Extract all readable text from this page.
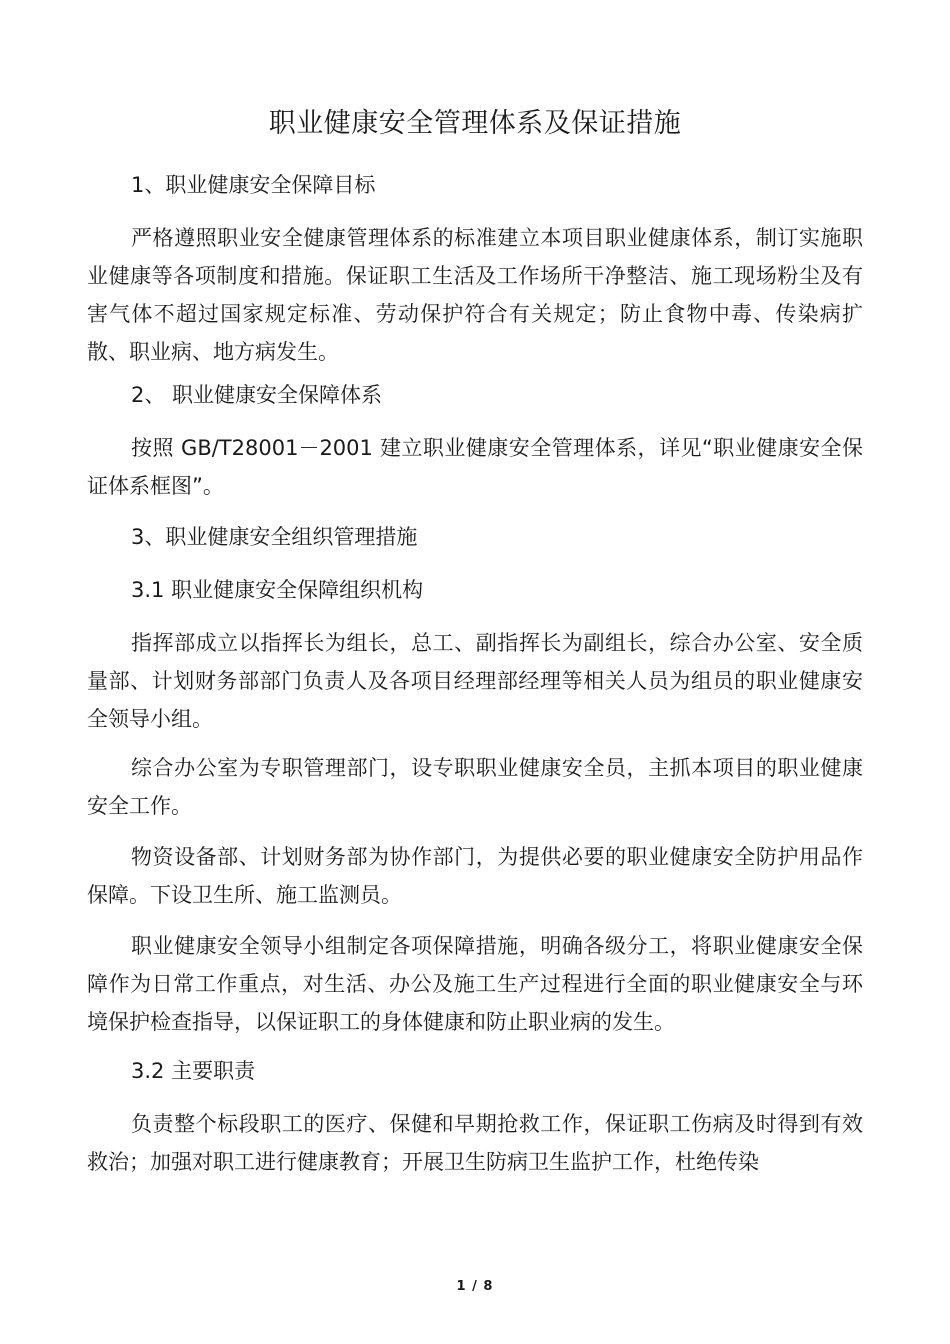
职业健康安全管理体系及保证措施

1、职业健康安全保障目标

严格遵照职业安全健康管理体系的标准建立本项目职业健康体系，制订实施职业健康等各项制度和措施。保证职工生活及工作场所干净整洁、施工现场粉尘及有害气体不超过国家规定标准、劳动保护符合有关规定；防止食物中毒、传染病扩散、职业病、地方病发生。

2、 职业健康安全保障体系

按照 GB/T28001－2001 建立职业健康安全管理体系，详见“职业健康安全保证体系框图”。

3、职业健康安全组织管理措施

3.1 职业健康安全保障组织机构

指挥部成立以指挥长为组长，总工、副指挥长为副组长，综合办公室、安全质量部、计划财务部部门负责人及各项目经理部经理等相关人员为组员的职业健康安全领导小组。

综合办公室为专职管理部门，设专职职业健康安全员，主抓本项目的职业健康安全工作。

物资设备部、计划财务部为协作部门，为提供必要的职业健康安全防护用品作保障。下设卫生所、施工监测员。

职业健康安全领导小组制定各项保障措施，明确各级分工，将职业健康安全保障作为日常工作重点，对生活、办公及施工生产过程进行全面的职业健康安全与环境保护检查指导，以保证职工的身体健康和防止职业病的发生。

3.2 主要职责

负责整个标段职工的医疗、保健和早期抢救工作，保证职工伤病及时得到有效救治；加强对职工进行健康教育；开展卫生防病卫生监护工作，杜绝传染

1 / 8
